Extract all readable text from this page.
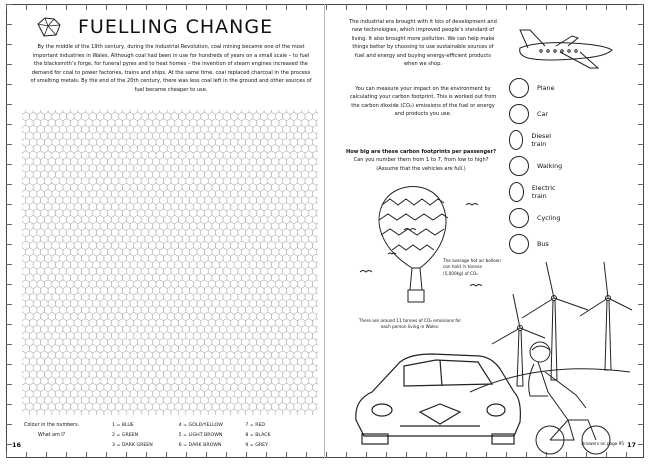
FUELLING CHANGE
By the middle of the 19th century, during the Industrial Revolution, coal mining became one of the most important industries in Wales. Although coal had been in use for hundreds of years on a small scale – to fuel the blacksmith’s forge, for funeral pyres and to heat homes – the invention of steam engines increased the demand for coal to power factories, trains and ships. At the same time, coal replaced charcoal in the process of smelting metals. By the end of the 20th century, there was less coal left in the ground and other sources of fuel became cheaper to use.
Colour in the numbers.
What am I?
1 = BLUE	4 = GOLD/YELLOW	7 = RED
2 = GREEN	5 = LIGHT BROWN	8 = BLACK
3 = DARK GREEN	6 = DARK BROWN	9 = GREY
16
The industrial era brought with it lots of development and new technologies, which improved people’s standard of living. It also brought more pollution. We can help make things better by choosing to use sustainable sources of fuel and energy and buying energy-efficient products when we shop.
You can measure your impact on the environment by calculating your carbon footprint. This is worked out from the carbon dioxide (CO₂) emissions of the fuel or energy and products you use.
How big are these carbon footprints per passenger?
Can you number them from 1 to 7, from low to high? (Assume that the vehicles are full.)
Plane
Car
Diesel train
Walking
Electric train
Cycling
Bus
The average hot air balloon can hold ½ tonnes (5,000kg) of CO₂
There are around 11 tonnes of CO₂ emissions for each person living in Wales.
Answers on page 95 17
